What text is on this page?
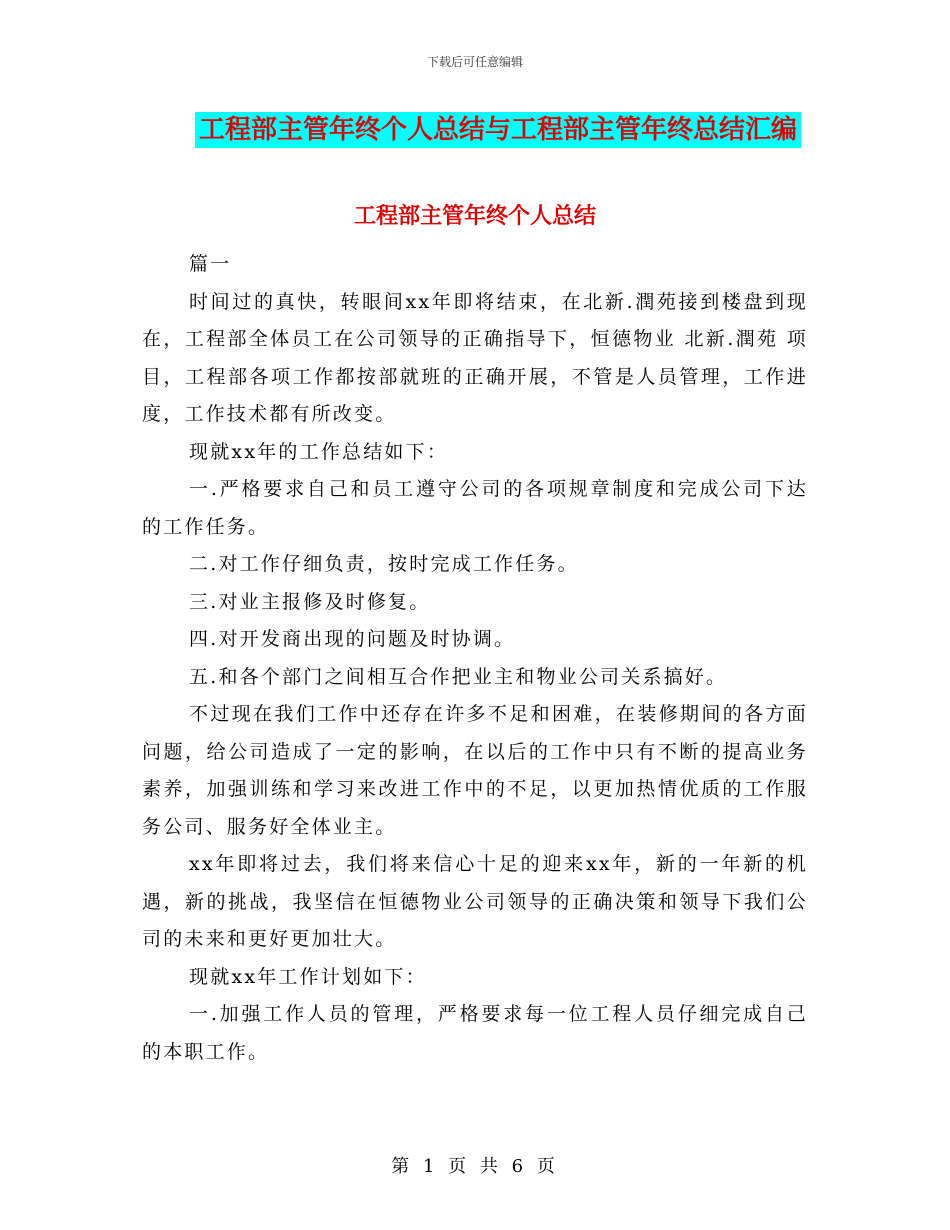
下载后可任意编辑
工程部主管年终个人总结与工程部主管年终总结汇编
工程部主管年终个人总结

篇一

时间过的真快，转眼间xx年即将结束，在北新.潤苑接到楼盘到现在，工程部全体员工在公司领导的正确指导下，恒德物业 北新.潤苑 项目，工程部各项工作都按部就班的正确开展，不管是人员管理，工作进度，工作技术都有所改变。

现就xx年的工作总结如下：

一.严格要求自己和员工遵守公司的各项规章制度和完成公司下达的工作任务。

二.对工作仔细负责，按时完成工作任务。

三.对业主报修及时修复。

四.对开发商出现的问题及时协调。

五.和各个部门之间相互合作把业主和物业公司关系搞好。

不过现在我们工作中还存在许多不足和困难，在装修期间的各方面问题，给公司造成了一定的影响，在以后的工作中只有不断的提高业务素养，加强训练和学习来改进工作中的不足，以更加热情优质的工作服务公司、服务好全体业主。

xx年即将过去，我们将来信心十足的迎来xx年，新的一年新的机遇，新的挑战，我坚信在恒德物业公司领导的正确决策和领导下我们公司的未来和更好更加壮大。

现就xx年工作计划如下：

一.加强工作人员的管理，严格要求每一位工程人员仔细完成自己的本职工作。

第 1 页 共 6 页
